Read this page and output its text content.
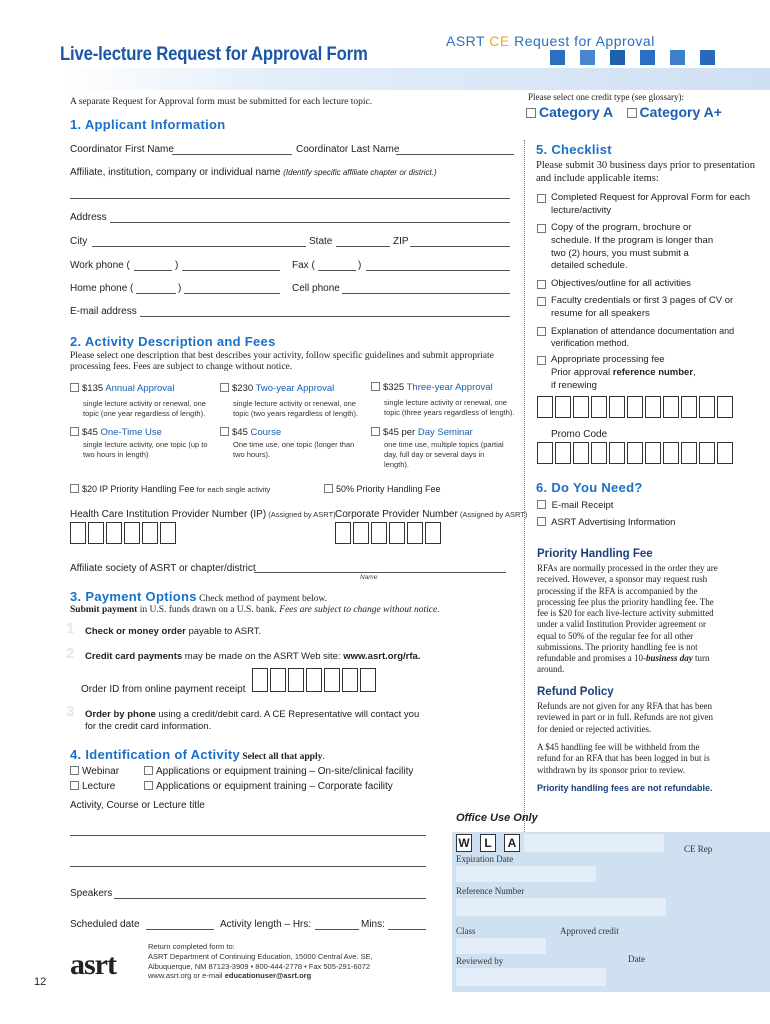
Live-lecture Request for Approval Form
ASRT CE Request for Approval
A separate Request for Approval form must be submitted for each lecture topic.	Please select one credit type (see glossary):
Category A Category A+
1. Applicant Information
Coordinator First Name	Coordinator Last Name
Affiliate, institution, company or individual name (Identify specific affiliate chapter or district.)
Address
City	State	ZIP
Work phone (	)	Fax (	)
Home phone (	)	Cell phone
E-mail address
2. Activity Description and Fees
Please select one description that best describes your activity, follow specific guidelines and submit appropriate processing fees. Fees are subject to change without notice.
$135 Annual Approval
single lecture activity or renewal, one topic (one year regardless of length).
$230 Two-year Approval
single lecture activity or renewal, one topic (two years regardless of length).
$325 Three-year Approval
single lecture activity or renewal, one topic (three years regardless of length).
$45 One-Time Use
single lecture activity, one topic (up to two hours in length)
$45 Course
One time use, one topic (longer than two hours).
$45 per Day Seminar
one time use, multiple topics (partial day, full day or several days in length).
$20 IP Priority Handling Fee for each single activity	50% Priority Handling Fee
Health Care Institution Provider Number (IP) (Assigned by ASRT) Corporate Provider Number (Assigned by ASRT)
Affiliate society of ASRT or chapter/district
Name
3. Payment Options Check method of payment below.
Submit payment in U.S. funds drawn on a U.S. bank. Fees are subject to change without notice.
1 Check or money order payable to ASRT.
2 Credit card payments may be made on the ASRT Web site: www.asrt.org/rfa.
Order ID from online payment receipt
3 Order by phone using a credit/debit card. A CE Representative will contact you for the credit card information.
4. Identification of Activity Select all that apply.
Webinar
Lecture
Applications or equipment training – On-site/clinical facility
Applications or equipment training – Corporate facility
Activity, Course or Lecture title
Speakers
Scheduled date	Activity length – Hrs:	Mins:
12
asrt
Return completed form to:
ASRT Department of Continuing Education, 15000 Central Ave. SE,
Albuquerque, NM 87123-3909 • 800-444-2778 • Fax 505-291-6072
www.asrt.org or e-mail educationuser@asrt.org
5. Checklist
Please submit 30 business days prior to presentation and include applicable items:
Completed Request for Approval Form for each lecture/activity
Copy of the program, brochure or schedule. If the program is longer than two (2) hours, you must submit a detailed schedule.
Objectives/outline for all activities
Faculty credentials or first 3 pages of CV or resume for all speakers
Explanation of attendance documentation and verification method.
Appropriate processing fee
Prior approval reference number, if renewing
Promo Code
6. Do You Need?
E-mail Receipt
ASRT Advertising Information
Priority Handling Fee
RFAs are normally processed in the order they are received. However, a sponsor may request rush processing if the RFA is accompanied by the processing fee plus the priority handling fee. The fee is $20 for each live-lecture activity submitted under a valid Institution Provider agreement or equal to 50% of the regular fee for all other submissions. The priority handling fee is not refundable and promises a 10-business day turn around.
Refund Policy
Refunds are not given for any RFA that has been reviewed in part or in full. Refunds are not given for denied or rejected activities.
A $45 handling fee will be withheld from the refund for an RFA that has been logged in but is withdrawn by its sponsor prior to review.
Priority handling fees are not refundable.
Office Use Only
W	L	A	CE Rep
Expiration Date
Reference Number
Class	Approved credit
Reviewed by	Date
